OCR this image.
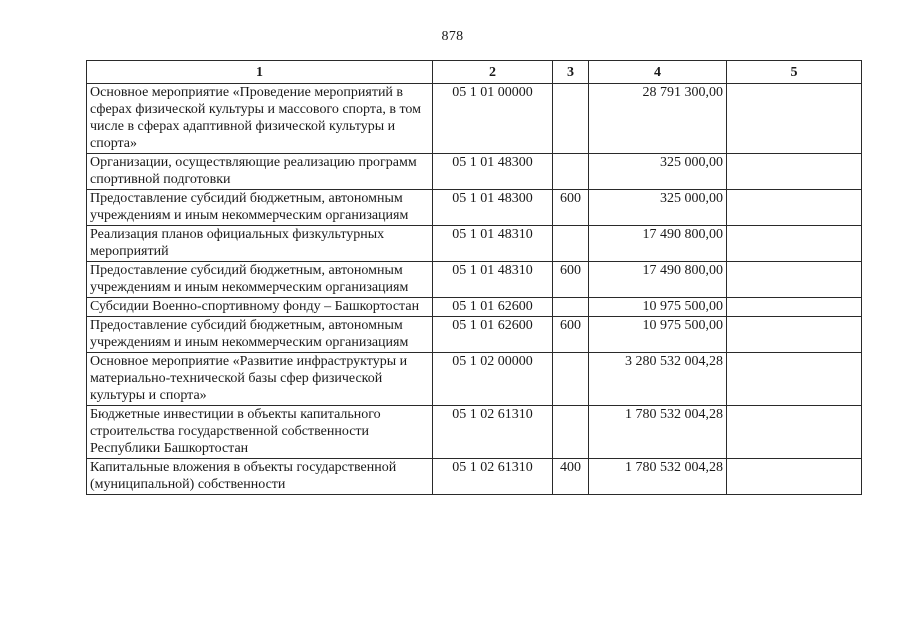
878
1	2	3	4	5
Основное мероприятие «Проведение мероприятий в сферах физической культуры и массового спорта, в том числе в сферах адаптивной физической культуры и спорта»	05 1 01 00000		28 791 300,00	
Организации, осуществляющие реализацию программ спортивной подготовки	05 1 01 48300		325 000,00	
Предоставление субсидий бюджетным, автономным учреждениям и иным некоммерческим организациям	05 1 01 48300	600	325 000,00	
Реализация планов официальных физкультурных мероприятий	05 1 01 48310		17 490 800,00	
Предоставление субсидий бюджетным, автономным учреждениям и иным некоммерческим организациям	05 1 01 48310	600	17 490 800,00	
Субсидии Военно-спортивному фонду – Башкортостан	05 1 01 62600		10 975 500,00	
Предоставление субсидий бюджетным, автономным учреждениям и иным некоммерческим организациям	05 1 01 62600	600	10 975 500,00	
Основное мероприятие «Развитие инфраструктуры и материально-технической базы сфер физической культуры и спорта»	05 1 02 00000		3 280 532 004,28	
Бюджетные инвестиции в объекты капитального строительства государственной собственности Республики Башкортостан	05 1 02 61310		1 780 532 004,28	
Капитальные вложения в объекты государственной (муниципальной) собственности	05 1 02 61310	400	1 780 532 004,28	
